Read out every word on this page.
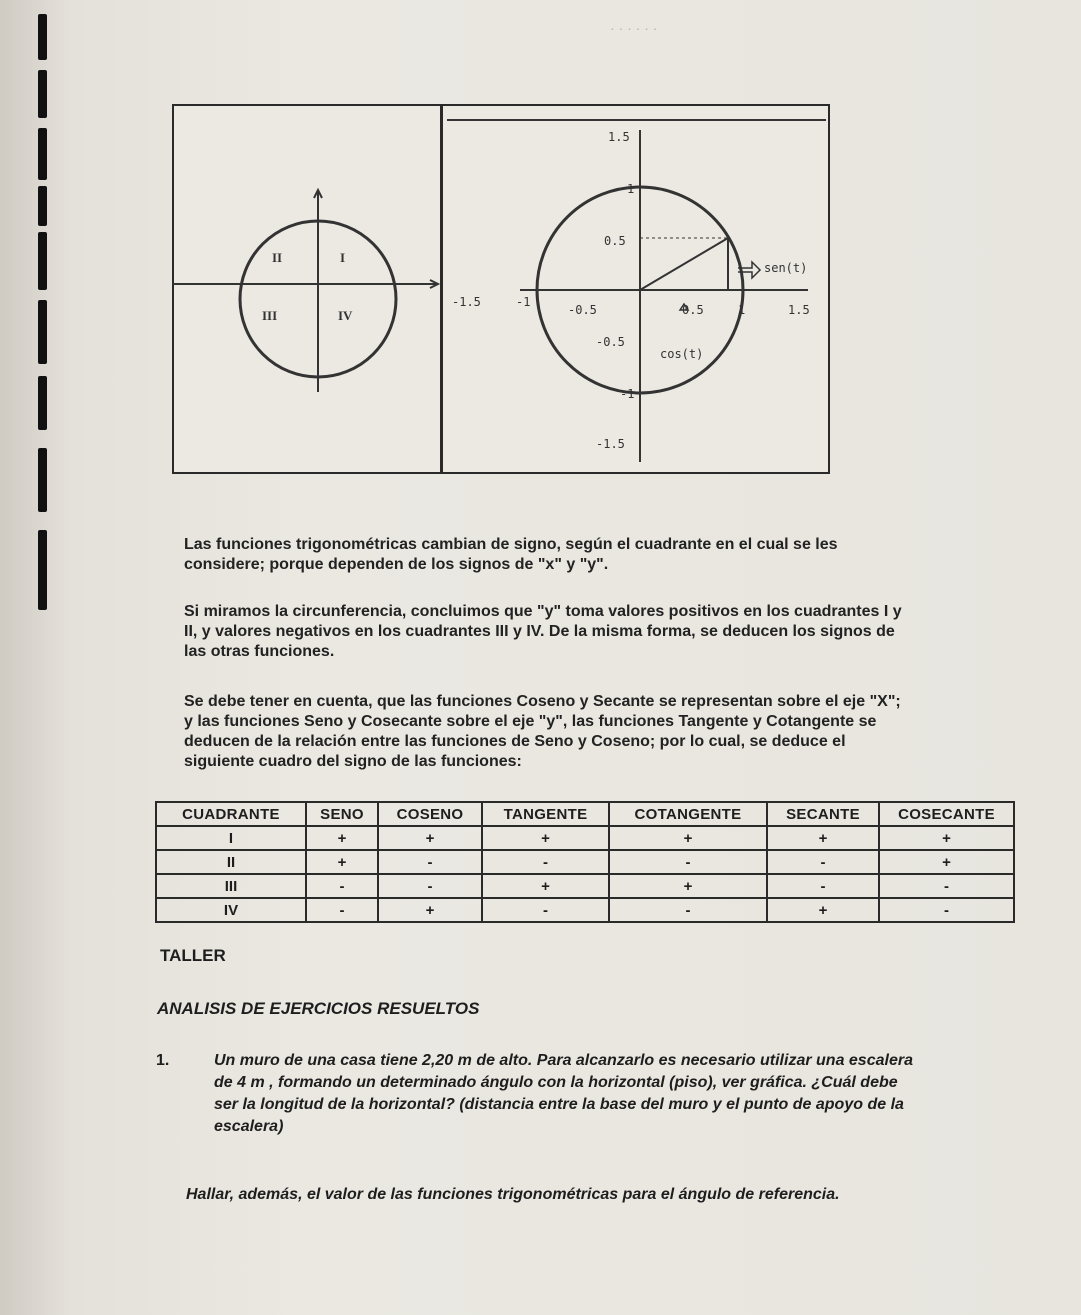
· · · · · ·
II	I
III	IV
1.5
1
0.5
-0.5
-1
-1.5
-1.5	-1
-0.5	0.5	1	1.5
sen(t)
cos(t)
Las funciones trigonométricas cambian de signo, según el cuadrante en el cual se les considere; porque dependen de los signos de "x" y "y".
Si miramos la circunferencia, concluimos que "y" toma valores positivos en los cuadrantes I y II, y valores negativos en los cuadrantes III y IV. De la misma forma, se deducen los signos de las otras funciones.
Se debe tener en cuenta, que las funciones Coseno y Secante se representan sobre el eje "X"; y las funciones Seno y Cosecante sobre el eje "y", las funciones Tangente y Cotangente se deducen de la relación entre las funciones de Seno y Coseno; por lo cual, se deduce el siguiente cuadro del signo de las funciones:
CUADRANTE	SENO	COSENO	TANGENTE	COTANGENTE	SECANTE	COSECANTE
I	+	+	+	+	+	+
II	+	-	-	-	-	+
III	-	-	+	+	-	-
IV	-	+	-	-	+	-
TALLER
ANALISIS DE EJERCICIOS RESUELTOS
1.	Un muro de una casa tiene 2,20 m de alto. Para alcanzarlo es necesario utilizar una escalera de 4 m , formando un determinado ángulo con la horizontal (piso), ver gráfica. ¿Cuál debe ser la longitud de la horizontal? (distancia entre la base del muro y el punto de apoyo de la escalera)
Hallar, además, el valor de las funciones trigonométricas para el ángulo de referencia.
